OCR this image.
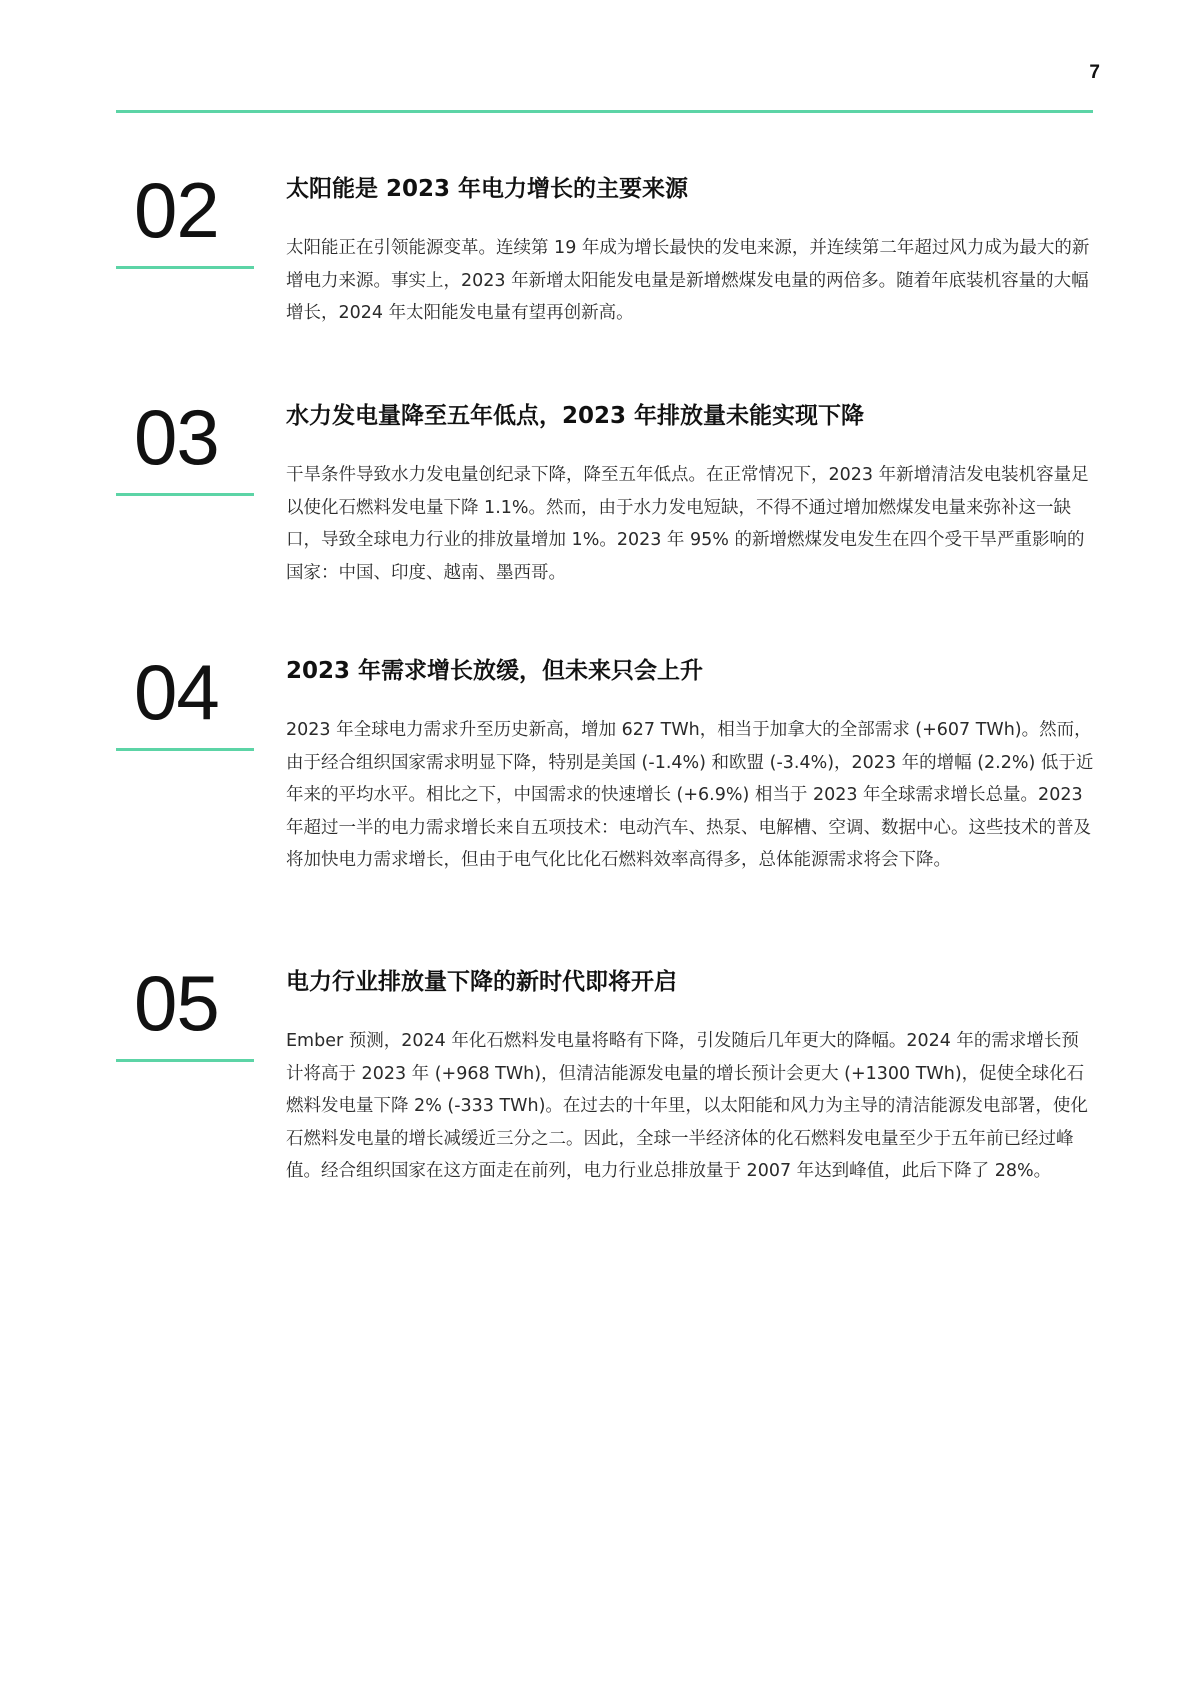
7
02	太阳能是 2023 年电力增长的主要来源

太阳能正在引领能源变革。连续第 19 年成为增长最快的发电来源，并连续第二年超过风力成为最大的新增电力来源。事实上，2023 年新增太阳能发电量是新增燃煤发电量的两倍多。随着年底装机容量的大幅增长，2024 年太阳能发电量有望再创新高。

03	水力发电量降至五年低点，2023 年排放量未能实现下降

干旱条件导致水力发电量创纪录下降，降至五年低点。在正常情况下，2023 年新增清洁发电装机容量足以使化石燃料发电量下降 1.1%。然而，由于水力发电短缺，不得不通过增加燃煤发电量来弥补这一缺口，导致全球电力行业的排放量增加 1%。2023 年 95% 的新增燃煤发电发生在四个受干旱严重影响的国家：中国、印度、越南、墨西哥。

04	2023 年需求增长放缓，但未来只会上升

2023 年全球电力需求升至历史新高，增加 627 TWh，相当于加拿大的全部需求 (+607 TWh)。然而，由于经合组织国家需求明显下降，特别是美国 (-1.4%) 和欧盟 (-3.4%)，2023 年的增幅 (2.2%) 低于近年来的平均水平。相比之下，中国需求的快速增长 (+6.9%) 相当于 2023 年全球需求增长总量。2023 年超过一半的电力需求增长来自五项技术：电动汽车、热泵、电解槽、空调、数据中心。这些技术的普及将加快电力需求增长，但由于电气化比化石燃料效率高得多，总体能源需求将会下降。

05	电力行业排放量下降的新时代即将开启

Ember 预测，2024 年化石燃料发电量将略有下降，引发随后几年更大的降幅。2024 年的需求增长预计将高于 2023 年 (+968 TWh)，但清洁能源发电量的增长预计会更大 (+1300 TWh)，促使全球化石燃料发电量下降 2% (-333 TWh)。在过去的十年里，以太阳能和风力为主导的清洁能源发电部署，使化石燃料发电量的增长减缓近三分之二。因此，全球一半经济体的化石燃料发电量至少于五年前已经过峰值。经合组织国家在这方面走在前列，电力行业总排放量于 2007 年达到峰值，此后下降了 28%。
